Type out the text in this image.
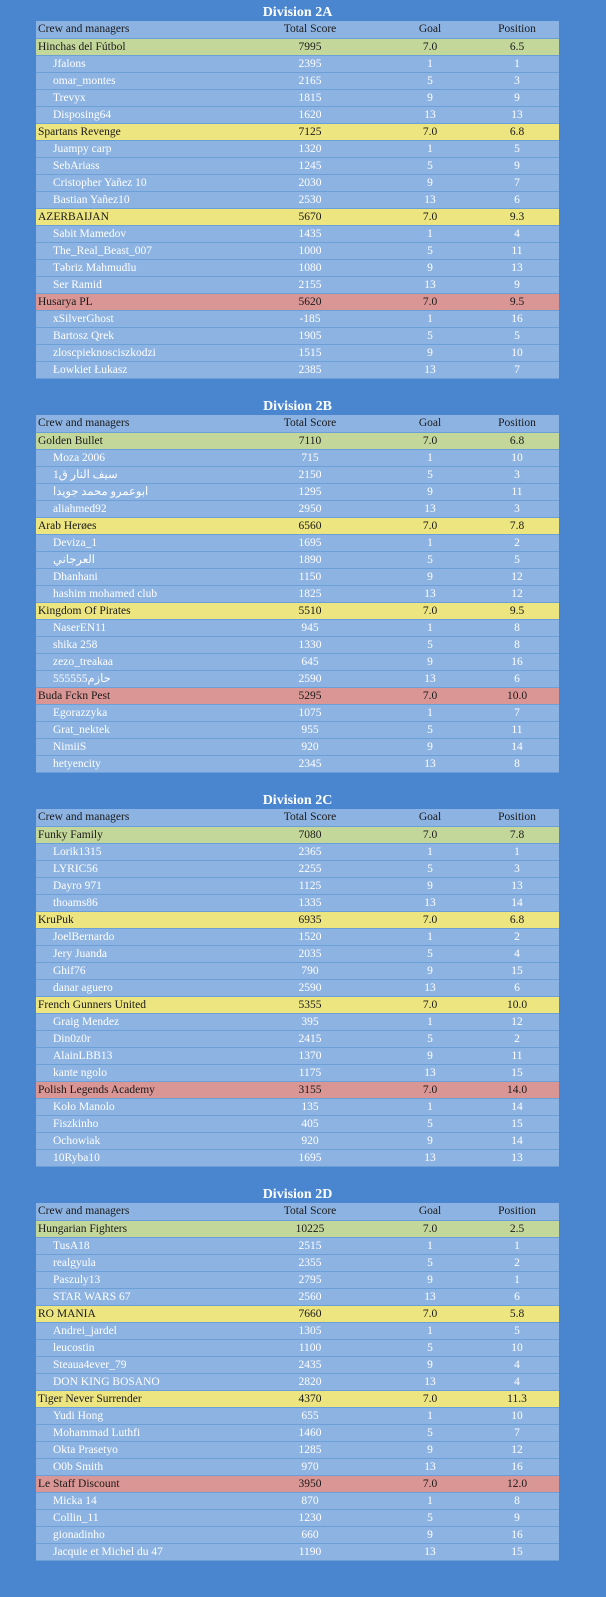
Division 2A
Crew and managers	Total Score	Goal	Position
Hinchas del Fútbol	7995	7.0	6.5
Jfalons	2395	1	1
omar_montes	2165	5	3
Trevyx	1815	9	9
Disposing64	1620	13	13
Spartans Revenge	7125	7.0	6.8
Juampy carp	1320	1	5
SebAriass	1245	5	9
Cristopher Yañez 10	2030	9	7
Bastian Yañez10	2530	13	6
AZERBAIJAN	5670	7.0	9.3
Sabit Mamedov	1435	1	4
The_Real_Beast_007	1000	5	11
Təbriz Mahmudlu	1080	9	13
Ser Ramid	2155	13	9
Husarya PL	5620	7.0	9.5
xSilverGhost	-185	1	16
Bartosz Qrek	1905	5	5
zloscpieknosciszkodzi	1515	9	10
Łowkiet Łukasz	2385	13	7
Division 2B
Crew and managers	Total Score	Goal	Position
Golden Bullet	7110	7.0	6.8
Moza 2006	715	1	10
سيف النار ق1	2150	5	3
ابوعمرو محمد جويدا	1295	9	11
aliahmed92	2950	13	3
Arab Herøes	6560	7.0	7.8
Deviza_1	1695	1	2
العرجاني	1890	5	5
Dhanhani	1150	9	12
hashim mohamed club	1825	13	12
Kingdom Of Pirates	5510	7.0	9.5
NaserEN11	945	1	8
shika 258	1330	5	8
zezo_treakaa	645	9	16
حازم555555	2590	13	6
Buda Fckn Pest	5295	7.0	10.0
Egorazzyka	1075	1	7
Grat_nektek	955	5	11
NimiiS	920	9	14
hetyencity	2345	13	8
Division 2C
Crew and managers	Total Score	Goal	Position
Funky Family	7080	7.0	7.8
Lorik1315	2365	1	1
LYRIC56	2255	5	3
Dayro 971	1125	9	13
thoams86	1335	13	14
KruPuk	6935	7.0	6.8
JoelBernardo	1520	1	2
Jery Juanda	2035	5	4
Ghif76	790	9	15
danar aguero	2590	13	6
French Gunners United	5355	7.0	10.0
Graig Mendez	395	1	12
Din0z0r	2415	5	2
AlainLBB13	1370	9	11
kante ngolo	1175	13	15
Polish Legends Academy	3155	7.0	14.0
Koło Manolo	135	1	14
Fiszkinho	405	5	15
Ochowiak	920	9	14
10Ryba10	1695	13	13
Division 2D
Crew and managers	Total Score	Goal	Position
Hungarian Fighters	10225	7.0	2.5
TusA18	2515	1	1
realgyula	2355	5	2
Paszuly13	2795	9	1
STAR WARS 67	2560	13	6
RO MANIA	7660	7.0	5.8
Andrei_jardel	1305	1	5
leucostin	1100	5	10
Steaua4ever_79	2435	9	4
DON KING BOSANO	2820	13	4
Tiger Never Surrender	4370	7.0	11.3
Yudi Hong	655	1	10
Mohammad Luthfi	1460	5	7
Okta Prasetyo	1285	9	12
O0b Smith	970	13	16
Le Staff Discount	3950	7.0	12.0
Micka 14	870	1	8
Collin_11	1230	5	9
gionadinho	660	9	16
Jacquie et Michel du 47	1190	13	15
